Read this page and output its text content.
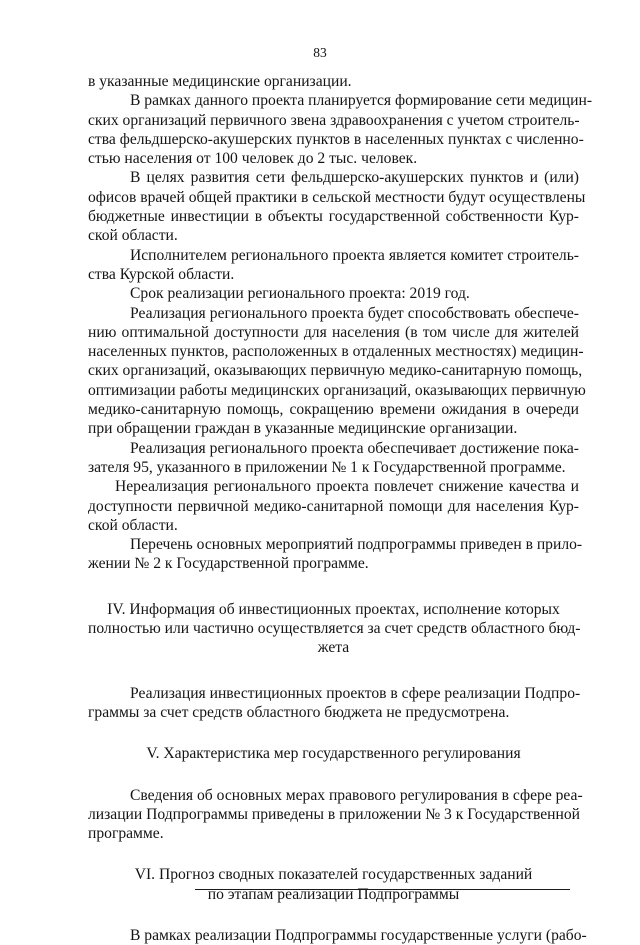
83
в указанные медицинские организации.
В рамках данного проекта планируется формирование сети медицин-
ских организаций первичного звена здравоохранения с учетом строитель-
ства фельдшерско-акушерских пунктов в населенных пунктах с численно-
стью населения от 100 человек до 2 тыс. человек.
В целях развития сети фельдшерско-акушерских пунктов и (или)
офисов врачей общей практики в сельской местности будут осуществлены
бюджетные инвестиции в объекты государственной собственности Кур-
ской области.
Исполнителем регионального проекта является комитет строитель-
ства Курской области.
Срок реализации регионального проекта: 2019 год.
Реализация регионального проекта будет способствовать обеспече-
нию оптимальной доступности для населения (в том числе для жителей
населенных пунктов, расположенных в отдаленных местностях) медицин-
ских организаций, оказывающих первичную медико-санитарную помощь,
оптимизации работы медицинских организаций, оказывающих первичную
медико-санитарную помощь, сокращению времени ожидания в очереди
при обращении граждан в указанные медицинские организации.
Реализация регионального проекта обеспечивает достижение пока-
зателя 95, указанного в приложении № 1 к Государственной программе.
Нереализация регионального проекта повлечет снижение качества и
доступности первичной медико-санитарной помощи для населения Кур-
ской области.
Перечень основных мероприятий подпрограммы приведен в прило-
жении № 2 к Государственной программе.
IV. Информация об инвестиционных проектах, исполнение которых
полностью или частично осуществляется за счет средств областного бюд-
жета
Реализация инвестиционных проектов в сфере реализации Подпро-
граммы за счет средств областного бюджета не предусмотрена.
V. Характеристика мер государственного регулирования
Сведения об основных мерах правового регулирования в сфере реа-
лизации Подпрограммы приведены в приложении № 3 к Государственной
программе.
VI. Прогноз сводных показателей государственных заданий
по этапам реализации Подпрограммы
В рамках реализации Подпрограммы государственные услуги (рабо-
